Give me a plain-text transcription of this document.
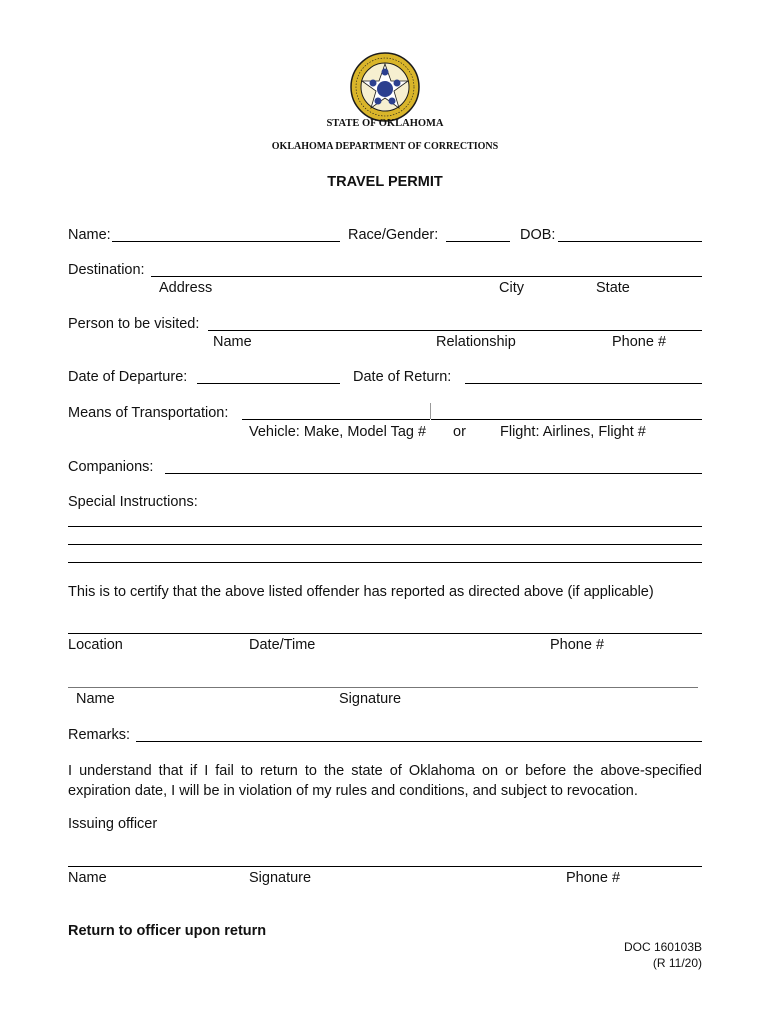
STATE OF OKLAHOMA
OKLAHOMA DEPARTMENT OF CORRECTIONS
TRAVEL PERMIT
Name:	Race/Gender:	DOB:
Destination:
Address	City	State
Person to be visited:
Name	Relationship	Phone #
Date of Departure:	Date of Return:
Means of Transportation:
Vehicle: Make, Model Tag # or Flight: Airlines, Flight #
Companions:
Special Instructions:
This is to certify that the above listed offender has reported as directed above (if applicable)
Location	Date/Time	Phone #
Name	Signature
Remarks:
I understand that if I fail to return to the state of Oklahoma on or before the above-specified expiration date, I will be in violation of my rules and conditions, and subject to revocation.
Issuing officer
Name	Signature	Phone #
Return to officer upon return
DOC 160103B
(R 11/20)
